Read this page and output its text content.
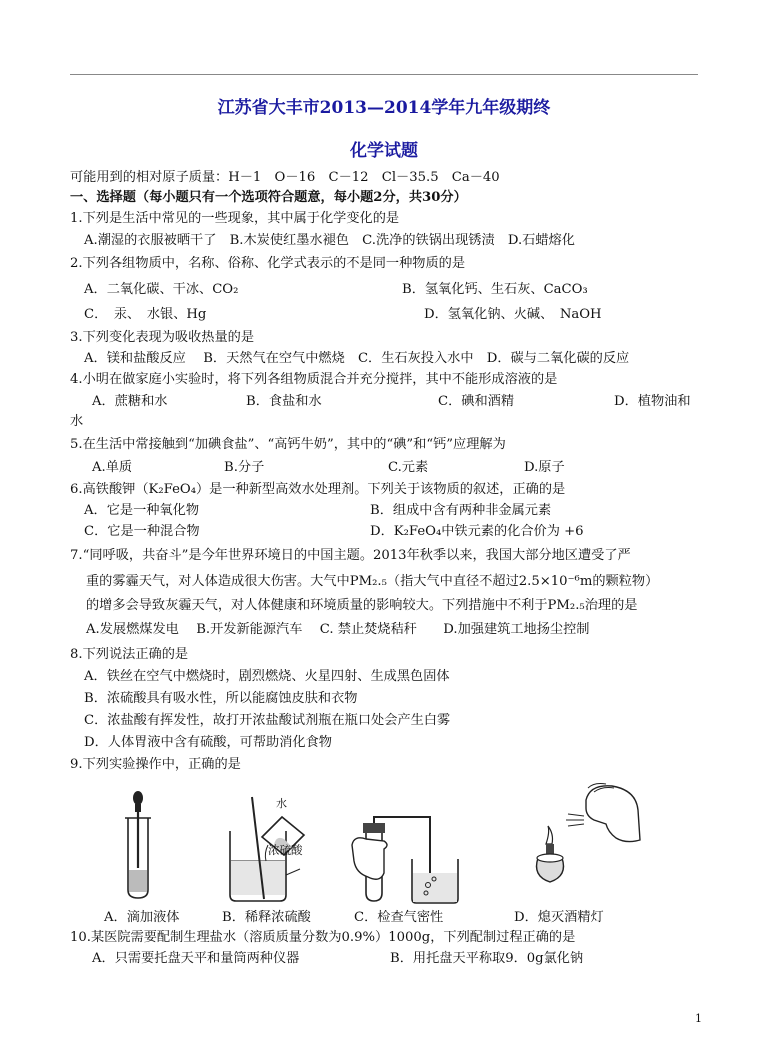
江苏省大丰市2013—2014学年九年级期终
化学试题
可能用到的相对原子质量：H－1　O－16　C－12　Cl－35.5　Ca－40
一、选择题（每小题只有一个选项符合题意，每小题2分，共30分）
1.下列是生活中常见的一些现象，其中属于化学变化的是
A.潮湿的衣服被晒干了　B.木炭使红墨水褪色　C.洗净的铁锅出现锈渍　D.石蜡熔化
2.下列各组物质中，名称、俗称、化学式表示的不是同一种物质的是
A．二氧化碳、干冰、CO₂	B．氢氧化钙、生石灰、CaCO₃
C．　汞、　水银、Hg	D．氢氧化钠、火碱、　NaOH
3.下列变化表现为吸收热量的是
A．镁和盐酸反应　 B．天然气在空气中燃烧　C．生石灰投入水中　D．碳与二氧化碳的反应
4.小明在做家庭小实验时，将下列各组物质混合并充分搅拌，其中不能形成溶液的是
A．蔗糖和水	B．食盐和水	C．碘和酒精	D．植物油和
水
5.在生活中常接触到“加碘食盐”、“高钙牛奶”，其中的“碘”和“钙”应理解为
A.单质	B.分子	C.元素	D.原子
6.高铁酸钾（K₂FeO₄）是一种新型高效水处理剂。下列关于该物质的叙述，正确的是
A．它是一种氧化物	B．组成中含有两种非金属元素
C．它是一种混合物	D．K₂FeO₄中铁元素的化合价为 +6
7.“同呼吸，共奋斗”是今年世界环境日的中国主题。2013年秋季以来，我国大部分地区遭受了严
重的雾霾天气，对人体造成很大伤害。大气中PM₂.₅（指大气中直径不超过2.5×10⁻⁶m的颗粒物）
的增多会导致灰霾天气，对人体健康和环境质量的影响较大。下列措施中不利于PM₂.₅治理的是
A.发展燃煤发电　 B.开发新能源汽车　 C. 禁止焚烧秸秆　　D.加强建筑工地扬尘控制
8.下列说法正确的是
A．铁丝在空气中燃烧时，剧烈燃烧、火星四射、生成黑色固体
B．浓硫酸具有吸水性，所以能腐蚀皮肤和衣物
C．浓盐酸有挥发性，故打开浓盐酸试剂瓶在瓶口处会产生白雾
D．人体胃液中含有硫酸，可帮助消化食物
9.下列实验操作中，正确的是
水
浓硫酸
A．滴加液体	B．稀释浓硫酸	C．检查气密性	D．熄灭酒精灯
10.某医院需要配制生理盐水（溶质质量分数为0.9%）1000g，下列配制过程正确的是
A．只需要托盘天平和量筒两种仪器	B．用托盘天平称取9．0g氯化钠
1
